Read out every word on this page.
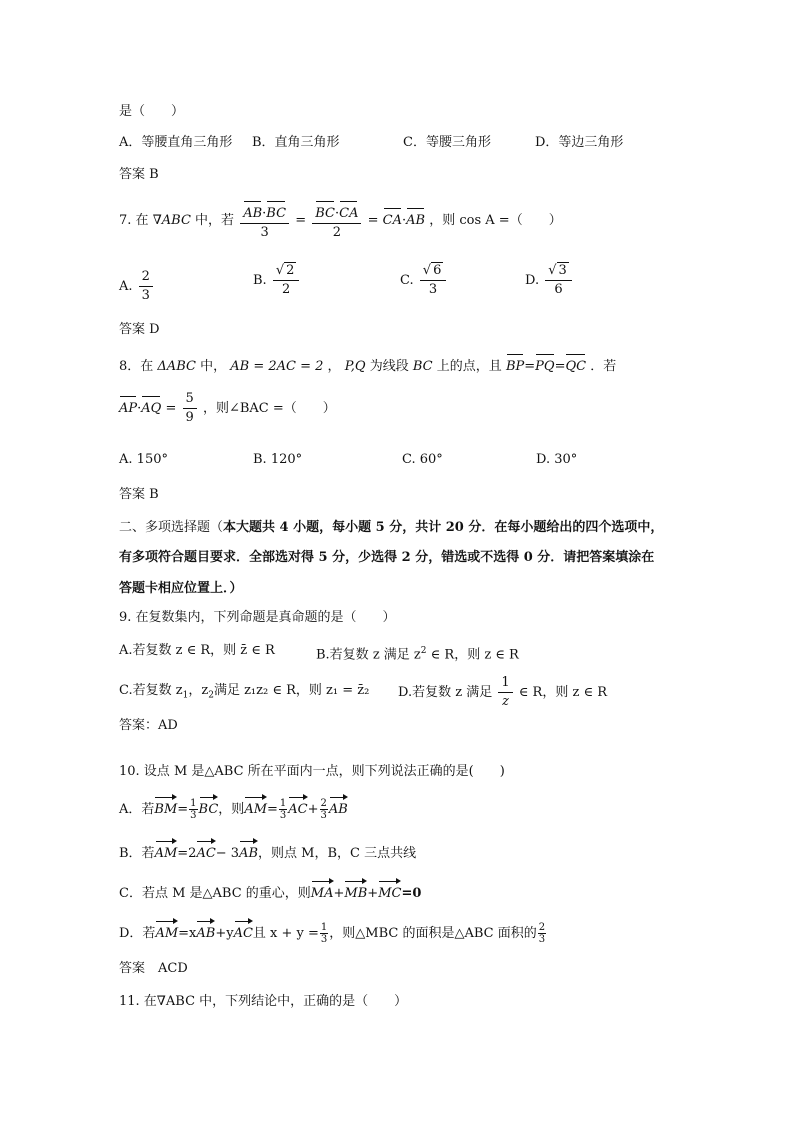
是（　　）
A．等腰直角三角形 B．直角三角形	C．等腰三角形	D．等边三角形
答案 B
7. 在 ∇ABC 中，若 $\frac{AB\cdot BC}{3} = \frac{BC\cdot CA}{2} = CA\cdot AB$ ，则 cos A =（　　）
A. $\frac{2}{3}$	B. $\frac{√ 2}{2}$	C. $\frac{√ 6}{3}$	D. $\frac{√ 3}{6}$
答案 D
8．在 ΔABC 中， AB = 2AC = 2 ， P,Q 为线段 BC 上的点，且 BP=PQ=QC ．若
$AP\cdot AQ = \frac{5}{9}$ ，则∠BAC =（　　）
A. 150°	B. 120°	C. 60°	D. 30°
答案 B
二、多项选择题（本大题共 4 小题，每小题 5 分，共计 20 分．在每小题给出的四个选项中，
有多项符合题目要求．全部选对得 5 分，少选得 2 分，错选或不选得 0 分．请把答案填涂在
答题卡相应位置上．）
9. 在复数集内，下列命题是真命题的是（　　）
A.若复数 z ∈ R，则 z̄ ∈ R	B.若复数 z 满足 $z^2$ ∈ R，则 z ∈ R
C.若复数 $z_1$，$z_2$满足 z₁z₂ ∈ R，则 z₁ = z̄₂ D.若复数 z 满足 $\frac{1}{z}$ ∈ R，则 z ∈ R
答案：AD
10. 设点 M 是△ABC 所在平面内一点，则下列说法正确的是(　　)
A．若$BM= \frac{1}{3}$ BC，则$AM= \frac{1}{3} AC+ \frac{2}{3}$ AB
B．若AM=2AC− 3AB，则点 M，B，C 三点共线
C．若点 M 是△ABC 的重心，则MA+MB+MC=0
D．若AM=xAB+yAC且 $x + y = \frac{1}{3}$ ，则△MBC 的面积是△ABC 面积的 $\frac{2}{3}$
答案　ACD
11. 在∇ABC 中，下列结论中，正确的是（　　）
